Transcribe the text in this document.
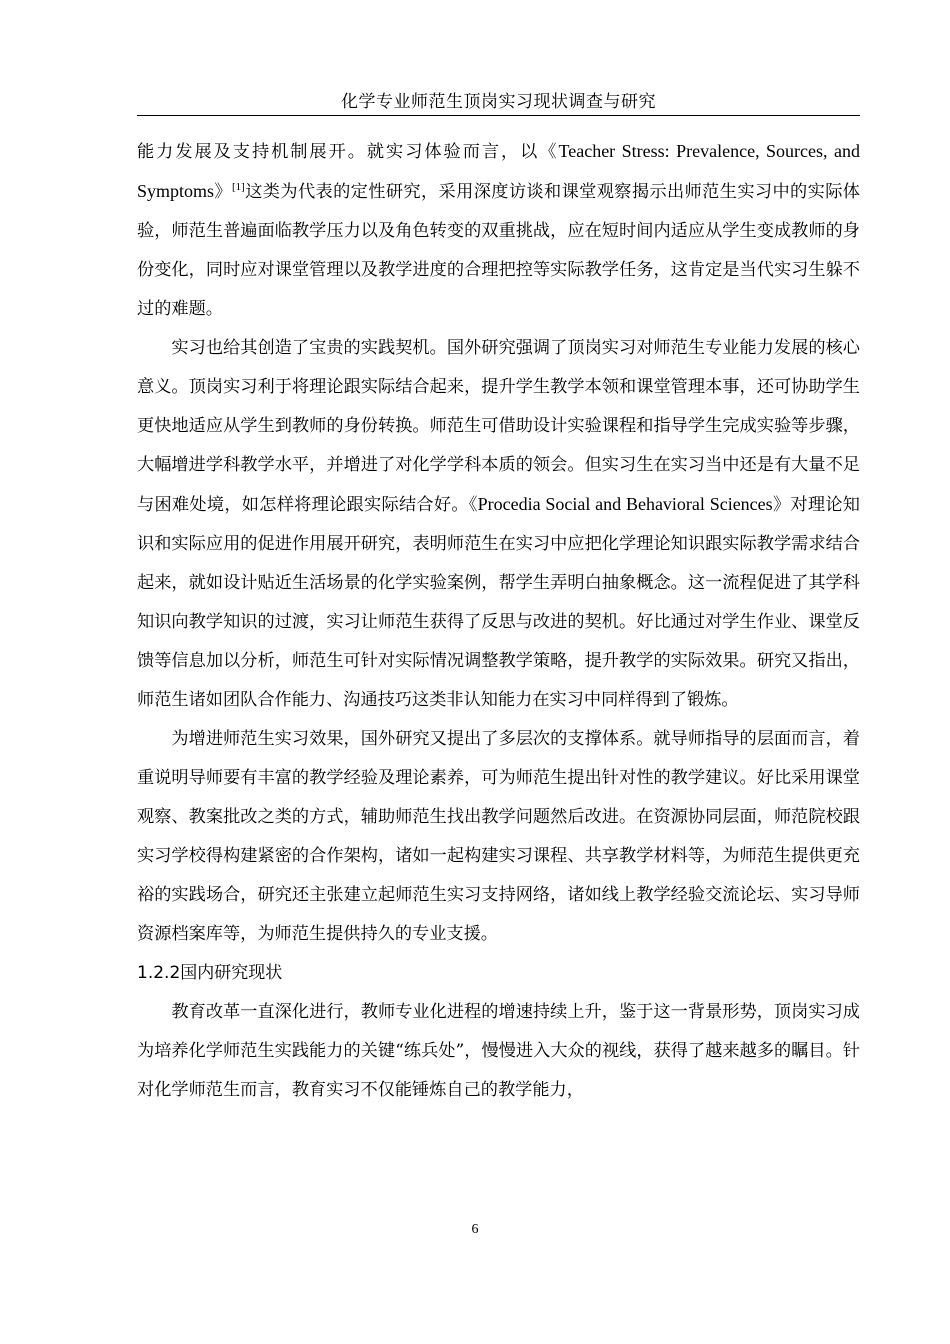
化学专业师范生顶岗实习现状调查与研究

能力发展及支持机制展开。就实习体验而言，以《Teacher Stress: Prevalence, Sources, and Symptoms》[1]这类为代表的定性研究，采用深度访谈和课堂观察揭示出师范生实习中的实际体验，师范生普遍面临教学压力以及角色转变的双重挑战，应在短时间内适应从学生变成教师的身份变化，同时应对课堂管理以及教学进度的合理把控等实际教学任务，这肯定是当代实习生躲不过的难题。

实习也给其创造了宝贵的实践契机。国外研究强调了顶岗实习对师范生专业能力发展的核心意义。顶岗实习利于将理论跟实际结合起来，提升学生教学本领和课堂管理本事，还可协助学生更快地适应从学生到教师的身份转换。师范生可借助设计实验课程和指导学生完成实验等步骤，大幅增进学科教学水平，并增进了对化学学科本质的领会。但实习生在实习当中还是有大量不足与困难处境，如怎样将理论跟实际结合好。《Procedia Social and Behavioral Sciences》对理论知识和实际应用的促进作用展开研究，表明师范生在实习中应把化学理论知识跟实际教学需求结合起来，就如设计贴近生活场景的化学实验案例，帮学生弄明白抽象概念。这一流程促进了其学科知识向教学知识的过渡，实习让师范生获得了反思与改进的契机。好比通过对学生作业、课堂反馈等信息加以分析，师范生可针对实际情况调整教学策略，提升教学的实际效果。研究又指出，师范生诸如团队合作能力、沟通技巧这类非认知能力在实习中同样得到了锻炼。

为增进师范生实习效果，国外研究又提出了多层次的支撑体系。就导师指导的层面而言，着重说明导师要有丰富的教学经验及理论素养，可为师范生提出针对性的教学建议。好比采用课堂观察、教案批改之类的方式，辅助师范生找出教学问题然后改进。在资源协同层面，师范院校跟实习学校得构建紧密的合作架构，诸如一起构建实习课程、共享教学材料等，为师范生提供更充裕的实践场合，研究还主张建立起师范生实习支持网络，诸如线上教学经验交流论坛、实习导师资源档案库等，为师范生提供持久的专业支援。

1.2.2国内研究现状

教育改革一直深化进行，教师专业化进程的增速持续上升，鉴于这一背景形势，顶岗实习成为培养化学师范生实践能力的关键“练兵处”，慢慢进入大众的视线，获得了越来越多的瞩目。针对化学师范生而言，教育实习不仅能锤炼自己的教学能力，

6
